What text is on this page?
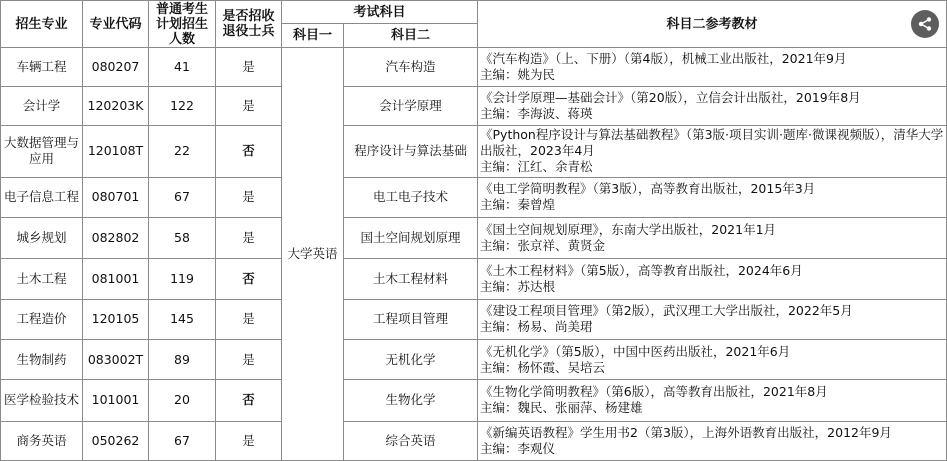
招生专业	专业代码	普通考生计划招生人数	是否招收退役士兵	考试科目		科目二参考教材
				科目一	科目二	
车辆工程	080207	41	是	大学英语	汽车构造	《汽车构造》（上、下册）（第4版），机械工业出版社，2021年9月
主编：姚为民

会计学	120203K	122	是		会计学原理	《会计学原理—基础会计》（第20版），立信会计出版社，2019年8月
主编：李海波、蒋瑛

大数据管理与应用	120108T	22	否		程序设计与算法基础	《Python程序设计与算法基础教程》（第3版·项目实训·题库·微课视频版），清华大学出版社，2023年4月
主编：江红、余青松

电子信息工程	080701	67	是		电工电子技术	《电工学简明教程》（第3版），高等教育出版社，2015年3月
主编：秦曾煌

城乡规划	082802	58	是		国土空间规划原理	《国土空间规划原理》，东南大学出版社，2021年1月
主编：张京祥、黄贤金

土木工程	081001	119	否		土木工程材料	《土木工程材料》（第5版），高等教育出版社，2024年6月
主编：苏达根

工程造价	120105	145	是		工程项目管理	《建设工程项目管理》（第2版），武汉理工大学出版社，2022年5月
主编：杨易、尚美珺

生物制药	083002T	89	是		无机化学	《无机化学》（第5版），中国中医药出版社，2021年6月
主编：杨怀霞、吴培云

医学检验技术	101001	20	否		生物化学	《生物化学简明教程》（第6版），高等教育出版社，2021年8月
主编：魏民、张丽萍、杨建雄

商务英语	050262	67	是		综合英语	《新编英语教程》学生用书2（第3版），上海外语教育出版社，2012年9月
主编：李观仪
